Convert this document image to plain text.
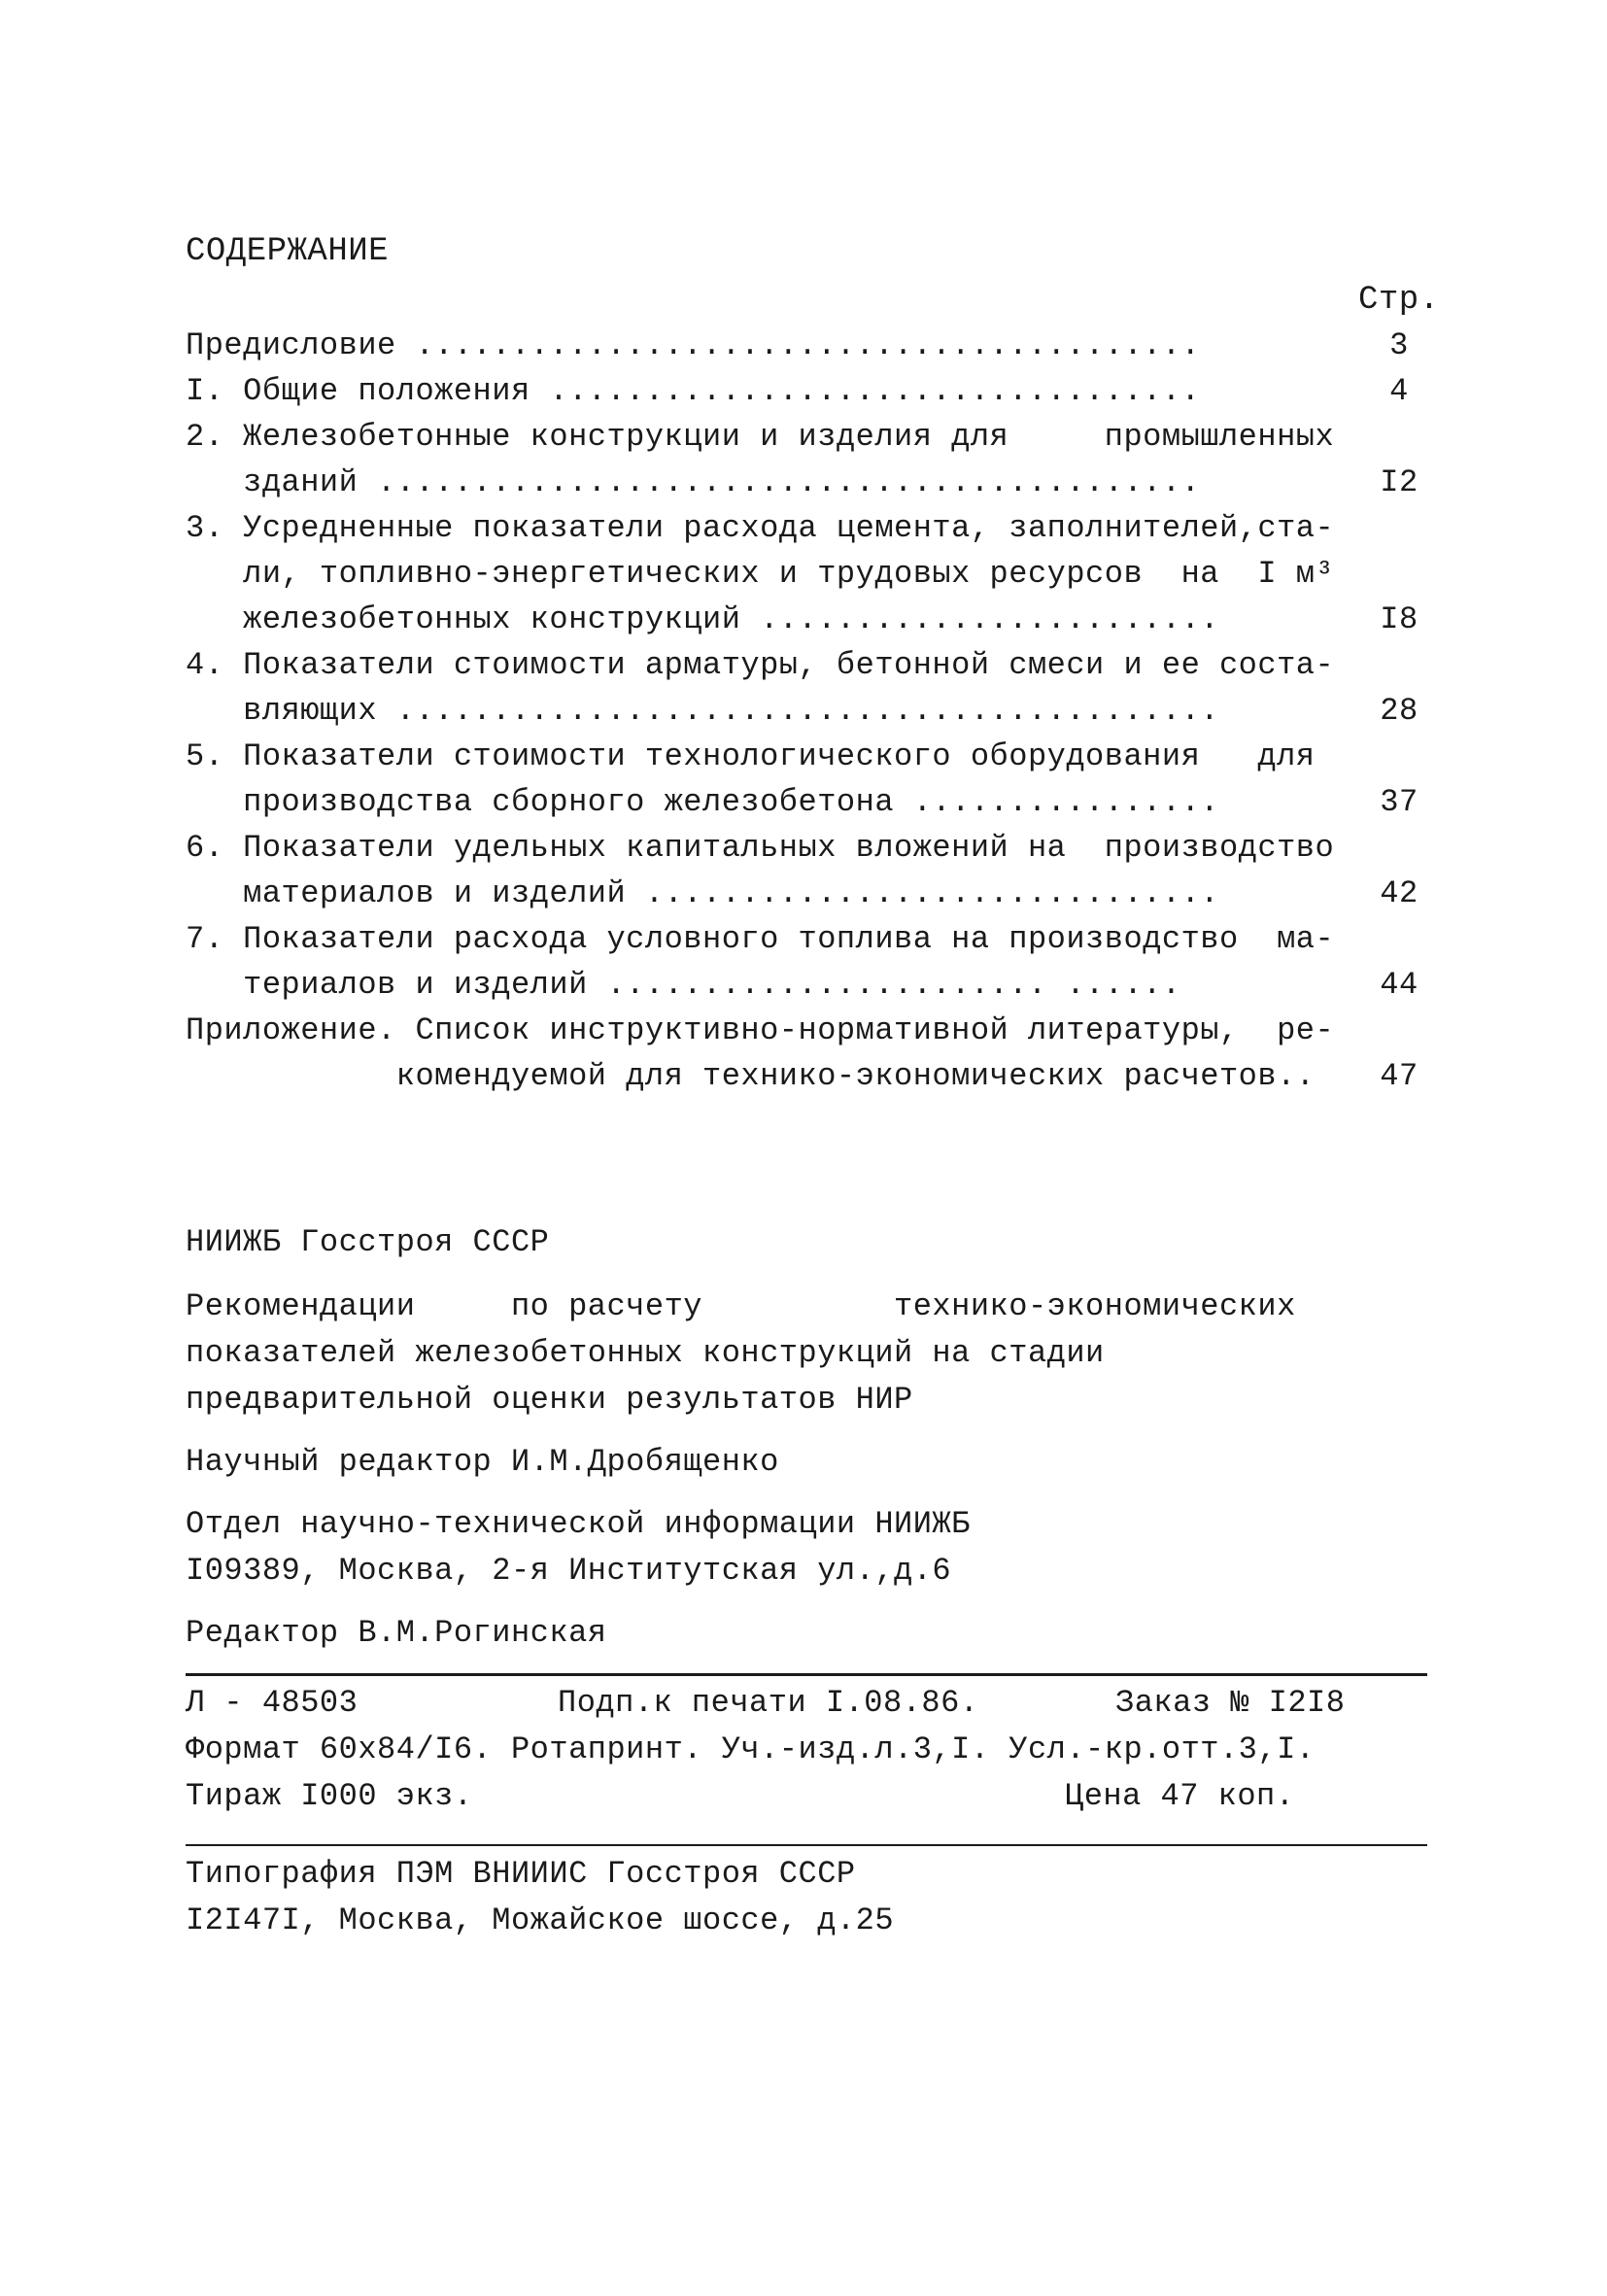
СОДЕРЖАНИЕ
Стр.
Предисловие .........................................	3
I. Общие положения ..................................	4
2. Железобетонные конструкции и изделия для     промышленных
зданий ...........................................	I2
3. Усредненные показатели расхода цемента, заполнителей,ста-
ли, топливно-энергетических и трудовых ресурсов  на  I м³
железобетонных конструкций ........................	I8
4. Показатели стоимости арматуры, бетонной смеси и ее соста-
вляющих ...........................................	28
5. Показатели стоимости технологического оборудования   для
производства сборного железобетона ................	37
6. Показатели удельных капитальных вложений на  производство
материалов и изделий ..............................	42
7. Показатели расхода условного топлива на производство  ма-
териалов и изделий ....................... ......	44
Приложение. Список инструктивно-нормативной литературы,  ре-
комендуемой для технико-экономических расчетов.. 47
НИИЖБ Госстроя СССР
Рекомендации     по расчету          технико-экономических
показателей железобетонных конструкций на стадии
предварительной оценки результатов НИР
Научный редактор И.М.Дробященко
Отдел научно-технической информации НИИЖБ
I09389, Москва, 2-я Институтская ул.,д.6
Редактор В.М.Рогинская
Л - 48503	Подп.к печати I.08.86.	Заказ № I2I8
Формат 60x84/I6. Ротапринт. Уч.-изд.л.3,I. Усл.-кр.отт.3,I.
Тираж I000 экз.	Цена 47 коп.
Типография ПЭМ ВНИИИС Госстроя СССР
I2I47I, Москва, Можайское шоссе, д.25
